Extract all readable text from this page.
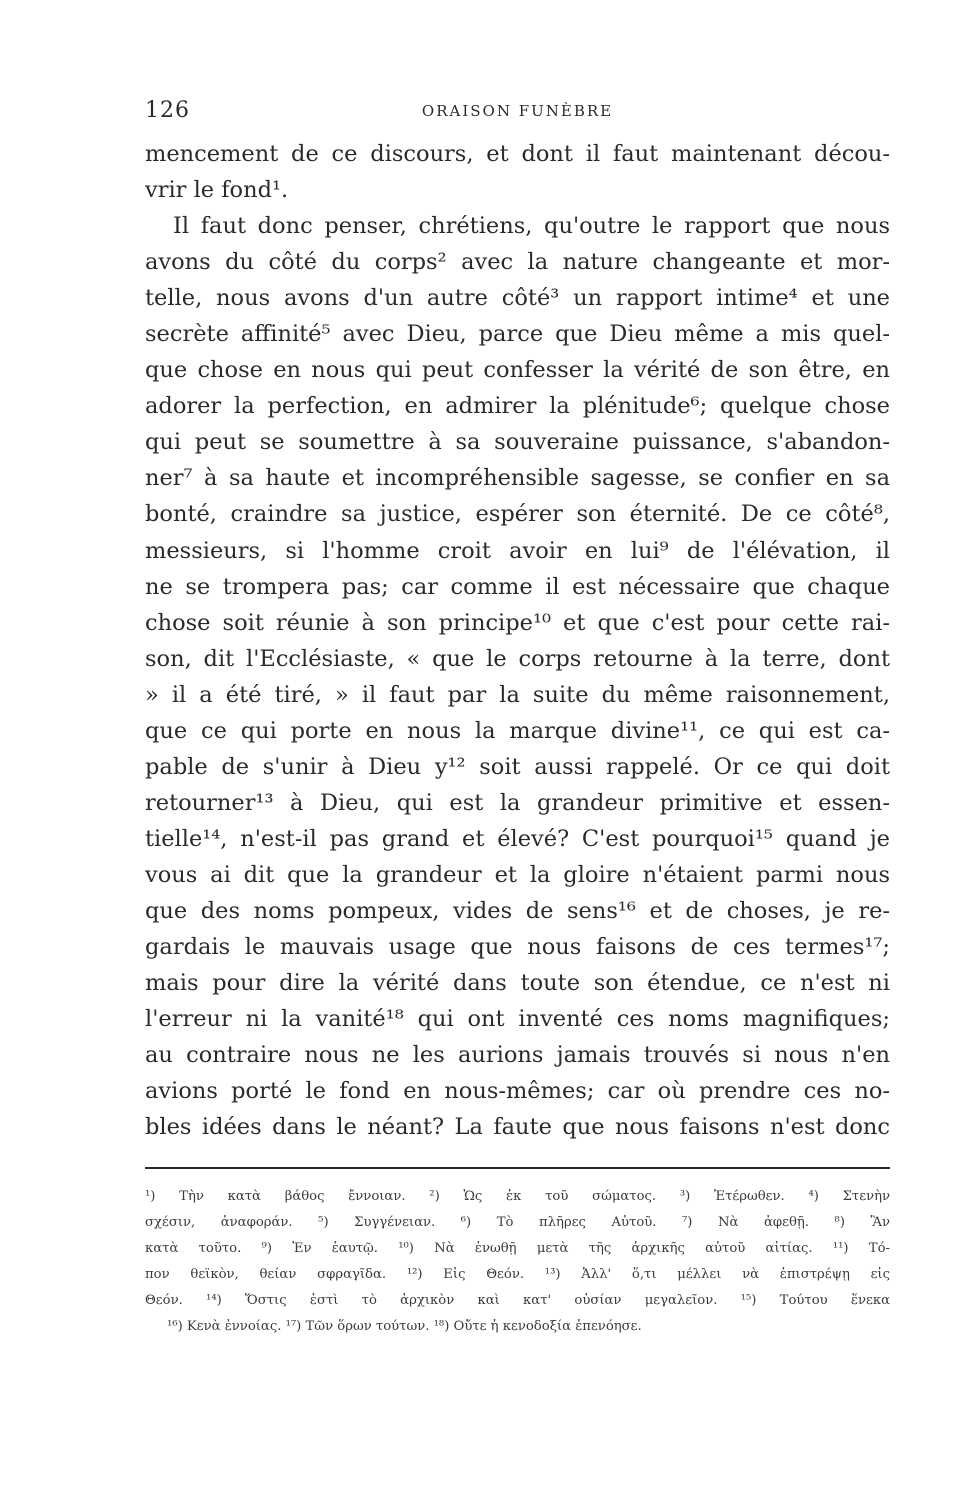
126	ORAISON FUNÈBRE
mencement de ce discours, et dont il faut maintenant décou-
vrir le fond¹.
Il faut donc penser, chrétiens, qu'outre le rapport que nous
avons du côté du corps² avec la nature changeante et mor-
telle, nous avons d'un autre côté³ un rapport intime⁴ et une
secrète affinité⁵ avec Dieu, parce que Dieu même a mis quel-
que chose en nous qui peut confesser la vérité de son être, en
adorer la perfection, en admirer la plénitude⁶; quelque chose
qui peut se soumettre à sa souveraine puissance, s'abandon-
ner⁷ à sa haute et incompréhensible sagesse, se confier en sa
bonté, craindre sa justice, espérer son éternité. De ce côté⁸,
messieurs, si l'homme croit avoir en lui⁹ de l'élévation, il
ne se trompera pas; car comme il est nécessaire que chaque
chose soit réunie à son principe¹⁰ et que c'est pour cette rai-
son, dit l'Ecclésiaste, « que le corps retourne à la terre, dont
» il a été tiré, » il faut par la suite du même raisonnement,
que ce qui porte en nous la marque divine¹¹, ce qui est ca-
pable de s'unir à Dieu y¹² soit aussi rappelé. Or ce qui doit
retourner¹³ à Dieu, qui est la grandeur primitive et essen-
tielle¹⁴, n'est-il pas grand et élevé? C'est pourquoi¹⁵ quand je
vous ai dit que la grandeur et la gloire n'étaient parmi nous
que des noms pompeux, vides de sens¹⁶ et de choses, je re-
gardais le mauvais usage que nous faisons de ces termes¹⁷;
mais pour dire la vérité dans toute son étendue, ce n'est ni
l'erreur ni la vanité¹⁸ qui ont inventé ces noms magnifiques;
au contraire nous ne les aurions jamais trouvés si nous n'en
avions porté le fond en nous-mêmes; car où prendre ces no-
bles idées dans le néant? La faute que nous faisons n'est donc
¹) Τὴν κατὰ βάθος ἔννοιαν. ²) Ὡς ἐκ τοῦ σώματος. ³) Ἑτέρωθεν. ⁴) Στενὴν
σχέσιν, ἀναφοράν. ⁵) Συγγένειαν. ⁶) Τὸ πλῆρες Αὐτοῦ. ⁷) Νὰ ἀφεθῇ. ⁸) Ἂν
κατὰ τοῦτο. ⁹) Ἐν ἑαυτῷ. ¹⁰) Νὰ ἑνωθῇ μετὰ τῆς ἀρχικῆς αὐτοῦ αἰτίας. ¹¹) Τό-
πον θεϊκὸν, θείαν σφραγῖδα. ¹²) Εἰς Θεόν. ¹³) Ἀλλ' ὅ,τι μέλλει νὰ ἐπιστρέψῃ εἰς
Θεόν. ¹⁴) Ὅστις ἐστὶ τὸ ἀρχικὸν καὶ κατ' οὐσίαν μεγαλεῖον. ¹⁵) Τούτου ἕνεκα
¹⁶) Κενὰ ἐννοίας. ¹⁷) Τῶν ὅρων τούτων. ¹⁸) Οὔτε ἡ κενοδοξία ἐπενόησε.
